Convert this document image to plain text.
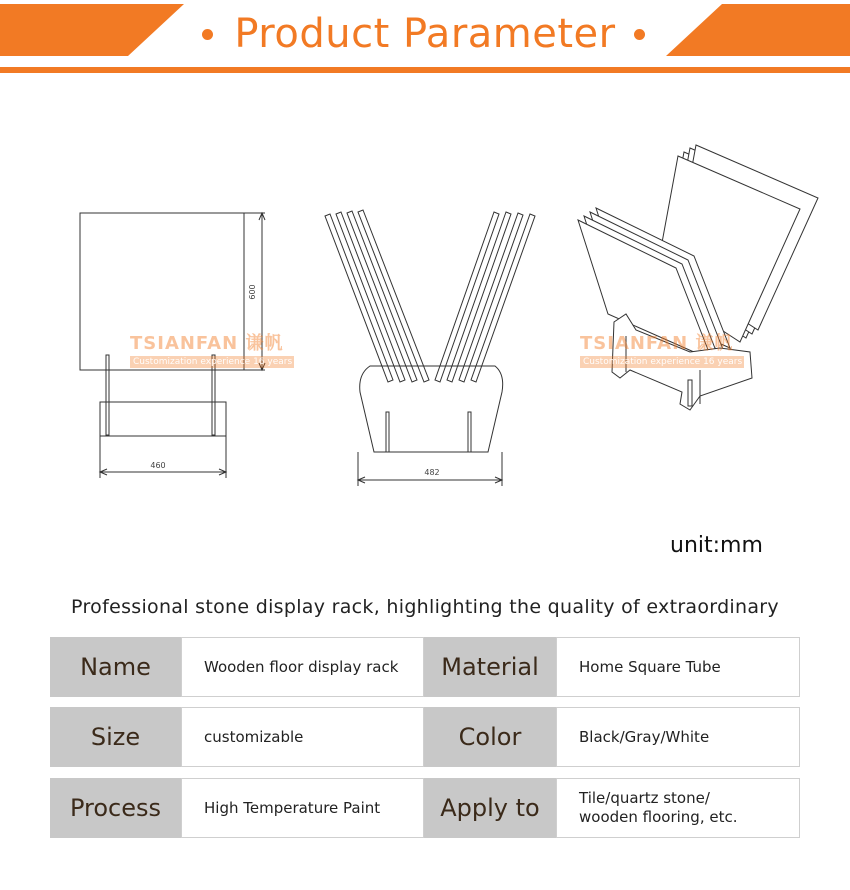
Product Parameter
460
482
600
TSIANFAN 谦帆
Customization experience 16 years
TSIANFAN 谦帆
Customization experience 16 years
unit:mm
Professional stone display rack, highlighting the quality of extraordinary
Name	Wooden floor display rack	Material	Home Square Tube
Size	customizable	Color	Black/Gray/White
Process	High Temperature Paint	Apply to	Tile/quartz stone/
wooden flooring, etc.
